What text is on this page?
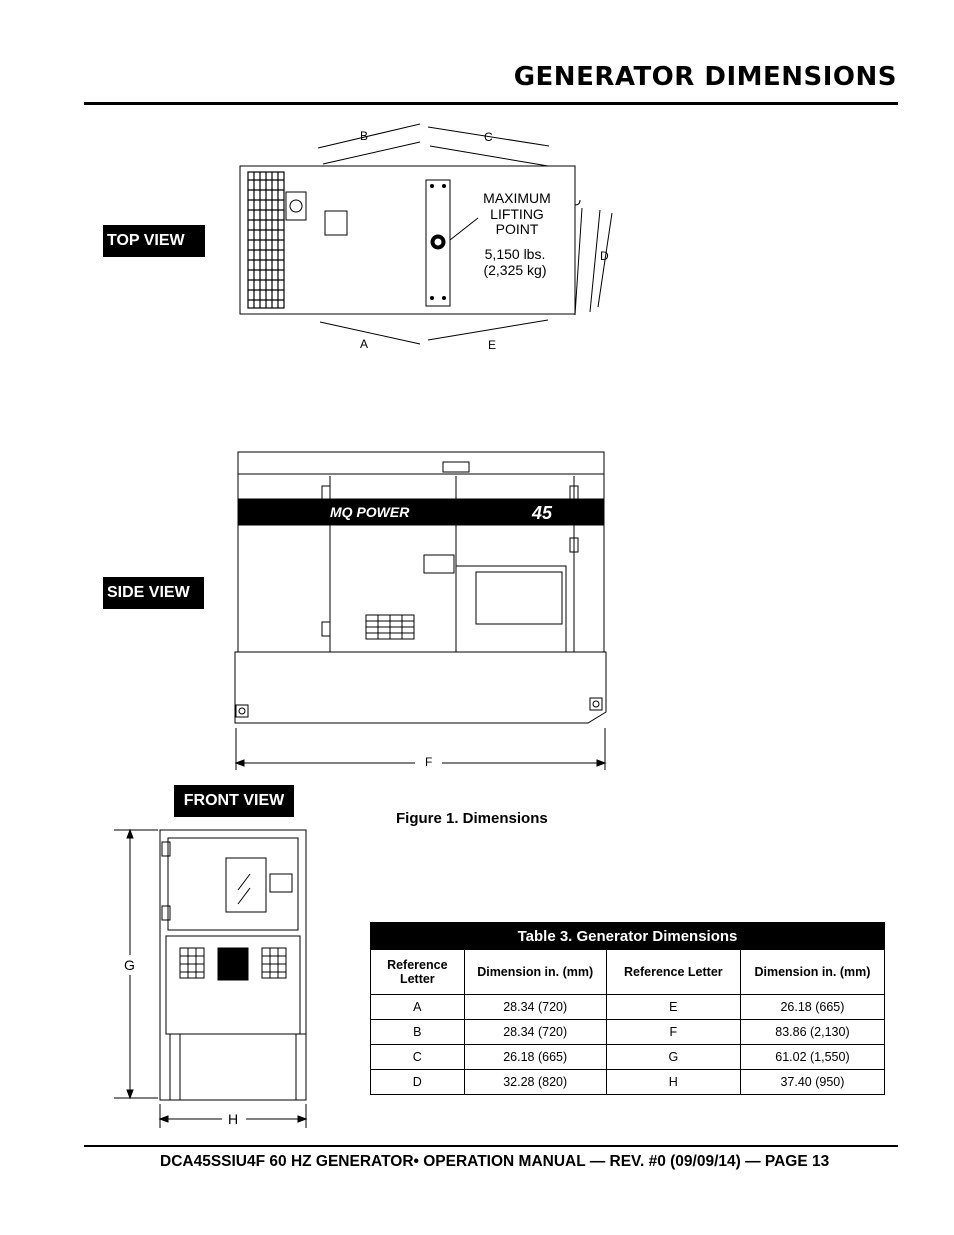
GENERATOR DIMENSIONS
B	C
D
A	E
MAXIMUM
LIFTING
POINT
5,150 lbs.
(2,325 kg)
MQ POWER	45
F
G
H
TOP VIEW
SIDE VIEW
FRONT VIEW
Figure 1. Dimensions
Table 3. Generator Dimensions			
Reference Letter	Dimension in. (mm)	Reference Letter	Dimension in. (mm)
A	28.34 (720)	E	26.18 (665)
B	28.34 (720)	F	83.86 (2,130)
C	26.18 (665)	G	61.02 (1,550)
D	32.28 (820)	H	37.40 (950)
DCA45SSIU4F 60 HZ GENERATOR• OPERATION MANUAL — REV. #0 (09/09/14) — PAGE 13
